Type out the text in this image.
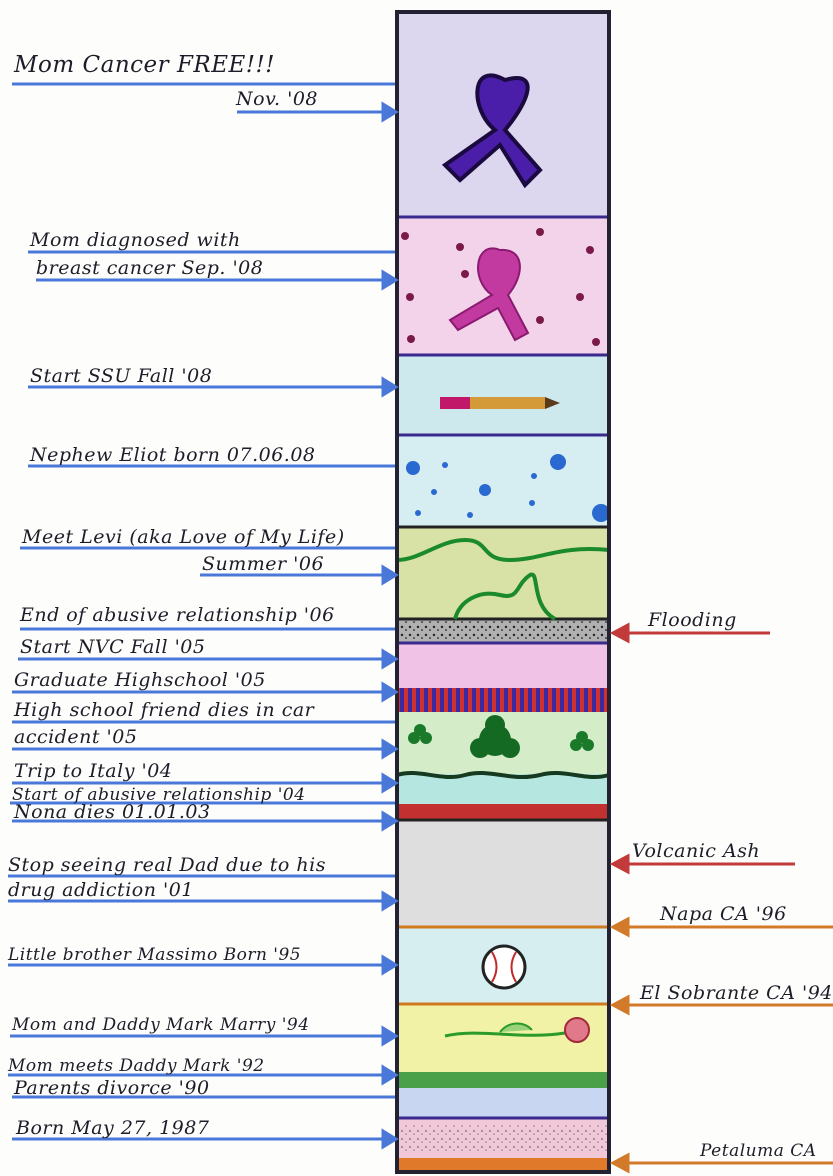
Mom Cancer FREE!!!
Nov. '08
Mom diagnosed with
breast cancer Sep. '08
Start SSU Fall '08
Nephew Eliot born 07.06.08
Meet Levi (aka Love of My Life)
Summer '06
End of abusive relationship '06
Start NVC Fall '05
Graduate Highschool '05
High school friend dies in car
accident '05
Trip to Italy '04
Start of abusive relationship '04
Nona dies 01.01.03
Stop seeing real Dad due to his
drug addiction '01
Little brother Massimo Born '95
Mom and Daddy Mark Marry '94
Mom meets Daddy Mark '92
Parents divorce '90
Born May 27, 1987
Flooding
Volcanic Ash
Napa CA '96
El Sobrante CA '94
Petaluma CA
